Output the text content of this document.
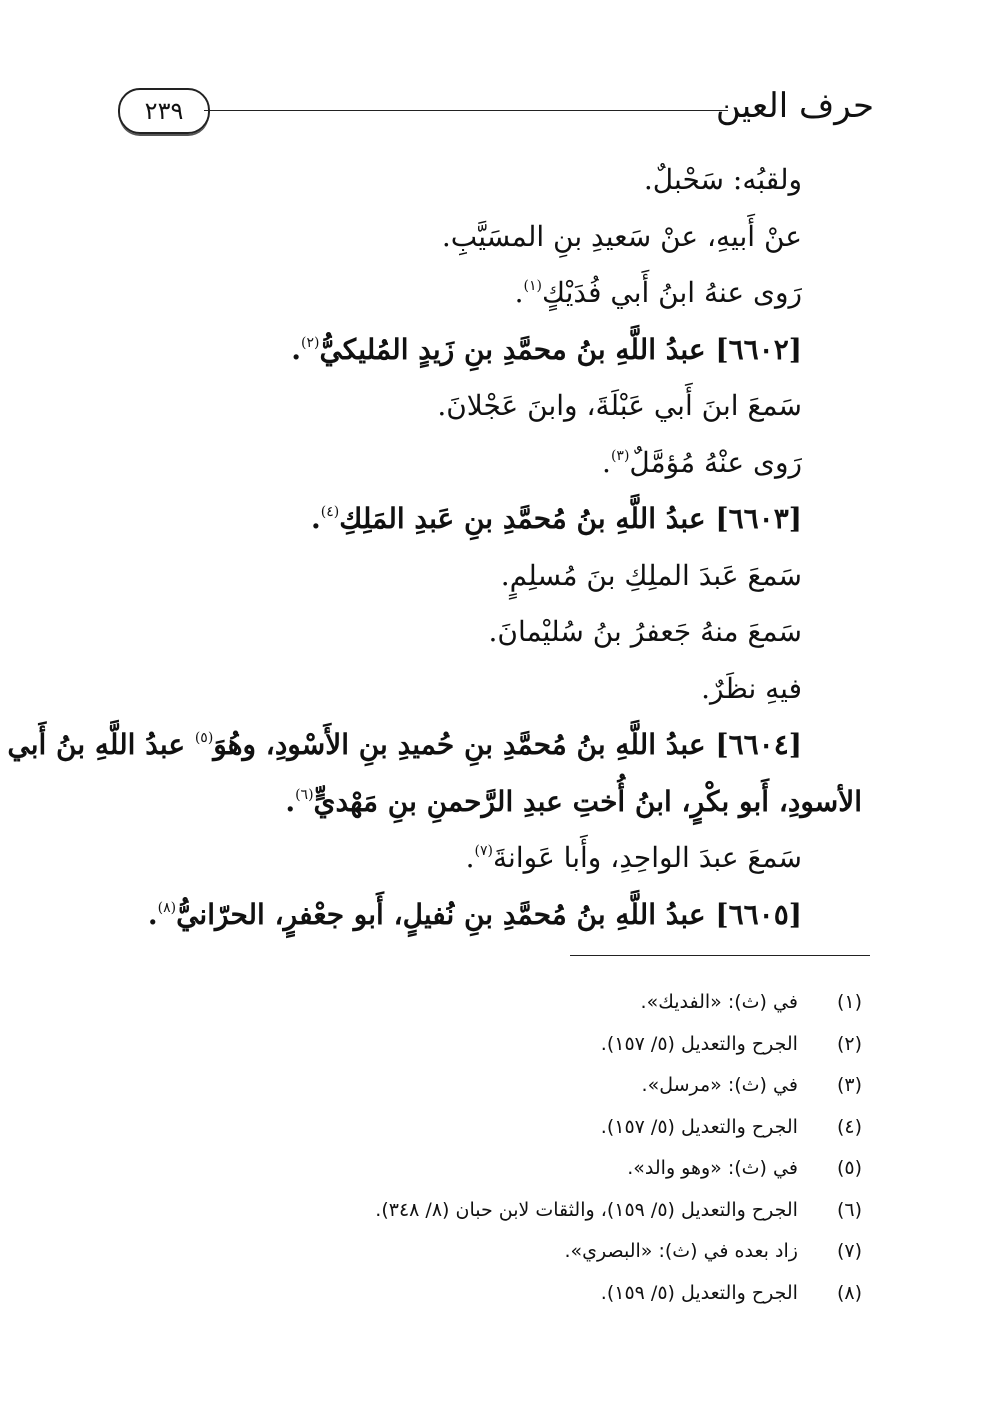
حرف العين
٢٣٩
ولقبُه: سَحْبلٌ.
عنْ أَبيهِ، عنْ سَعيدِ بنِ المسَيَّبِ.
رَوى عنهُ ابنُ أَبي فُدَيْكٍ$^{(١)}$.
[٦٦٠٢] عبدُ اللَّهِ بنُ محمَّدِ بنِ زَيدٍ المُليكيُّ$^{(٢)}$.
سَمعَ ابنَ أَبي عَبْلَةَ، وابنَ عَجْلانَ.
رَوى عنْهُ مُؤمَّلٌ$^{(٣)}$.
[٦٦٠٣] عبدُ اللَّهِ بنُ مُحمَّدِ بنِ عَبدِ المَلِكِ$^{(٤)}$.
سَمعَ عَبدَ الملِكِ بنَ مُسلِمٍ.
سَمعَ منهُ جَعفرُ بنُ سُليْمانَ.
فيهِ نظَرٌ.
[٦٦٠٤] عبدُ اللَّهِ بنُ مُحمَّدِ بنِ حُميدِ بنِ الأَسْودِ، وهُوَ$^{(٥)}$ عبدُ اللَّهِ بنُ أَبي
الأسودِ، أَبو بكْرٍ، ابنُ أُختِ عبدِ الرَّحمنِ بنِ مَهْديٍّ$^{(٦)}$.
سَمعَ عبدَ الواحِدِ، وأَبا عَوانةَ$^{(٧)}$.
[٦٦٠٥] عبدُ اللَّهِ بنُ مُحمَّدِ بنِ نُفيلٍ، أَبو جعْفرٍ، الحرّانيُّ$^{(٨)}$.
(١)  في (ث): «الفديك».
(٢)  الجرح والتعديل (٥/ ١٥٧).
(٣)  في (ث): «مرسل».
(٤)  الجرح والتعديل (٥/ ١٥٧).
(٥)  في (ث): «وهو والد».
(٦)  الجرح والتعديل (٥/ ١٥٩)، والثقات لابن حبان (٨/ ٣٤٨).
(٧)  زاد بعده في (ث): «البصري».
(٨)  الجرح والتعديل (٥/ ١٥٩).
